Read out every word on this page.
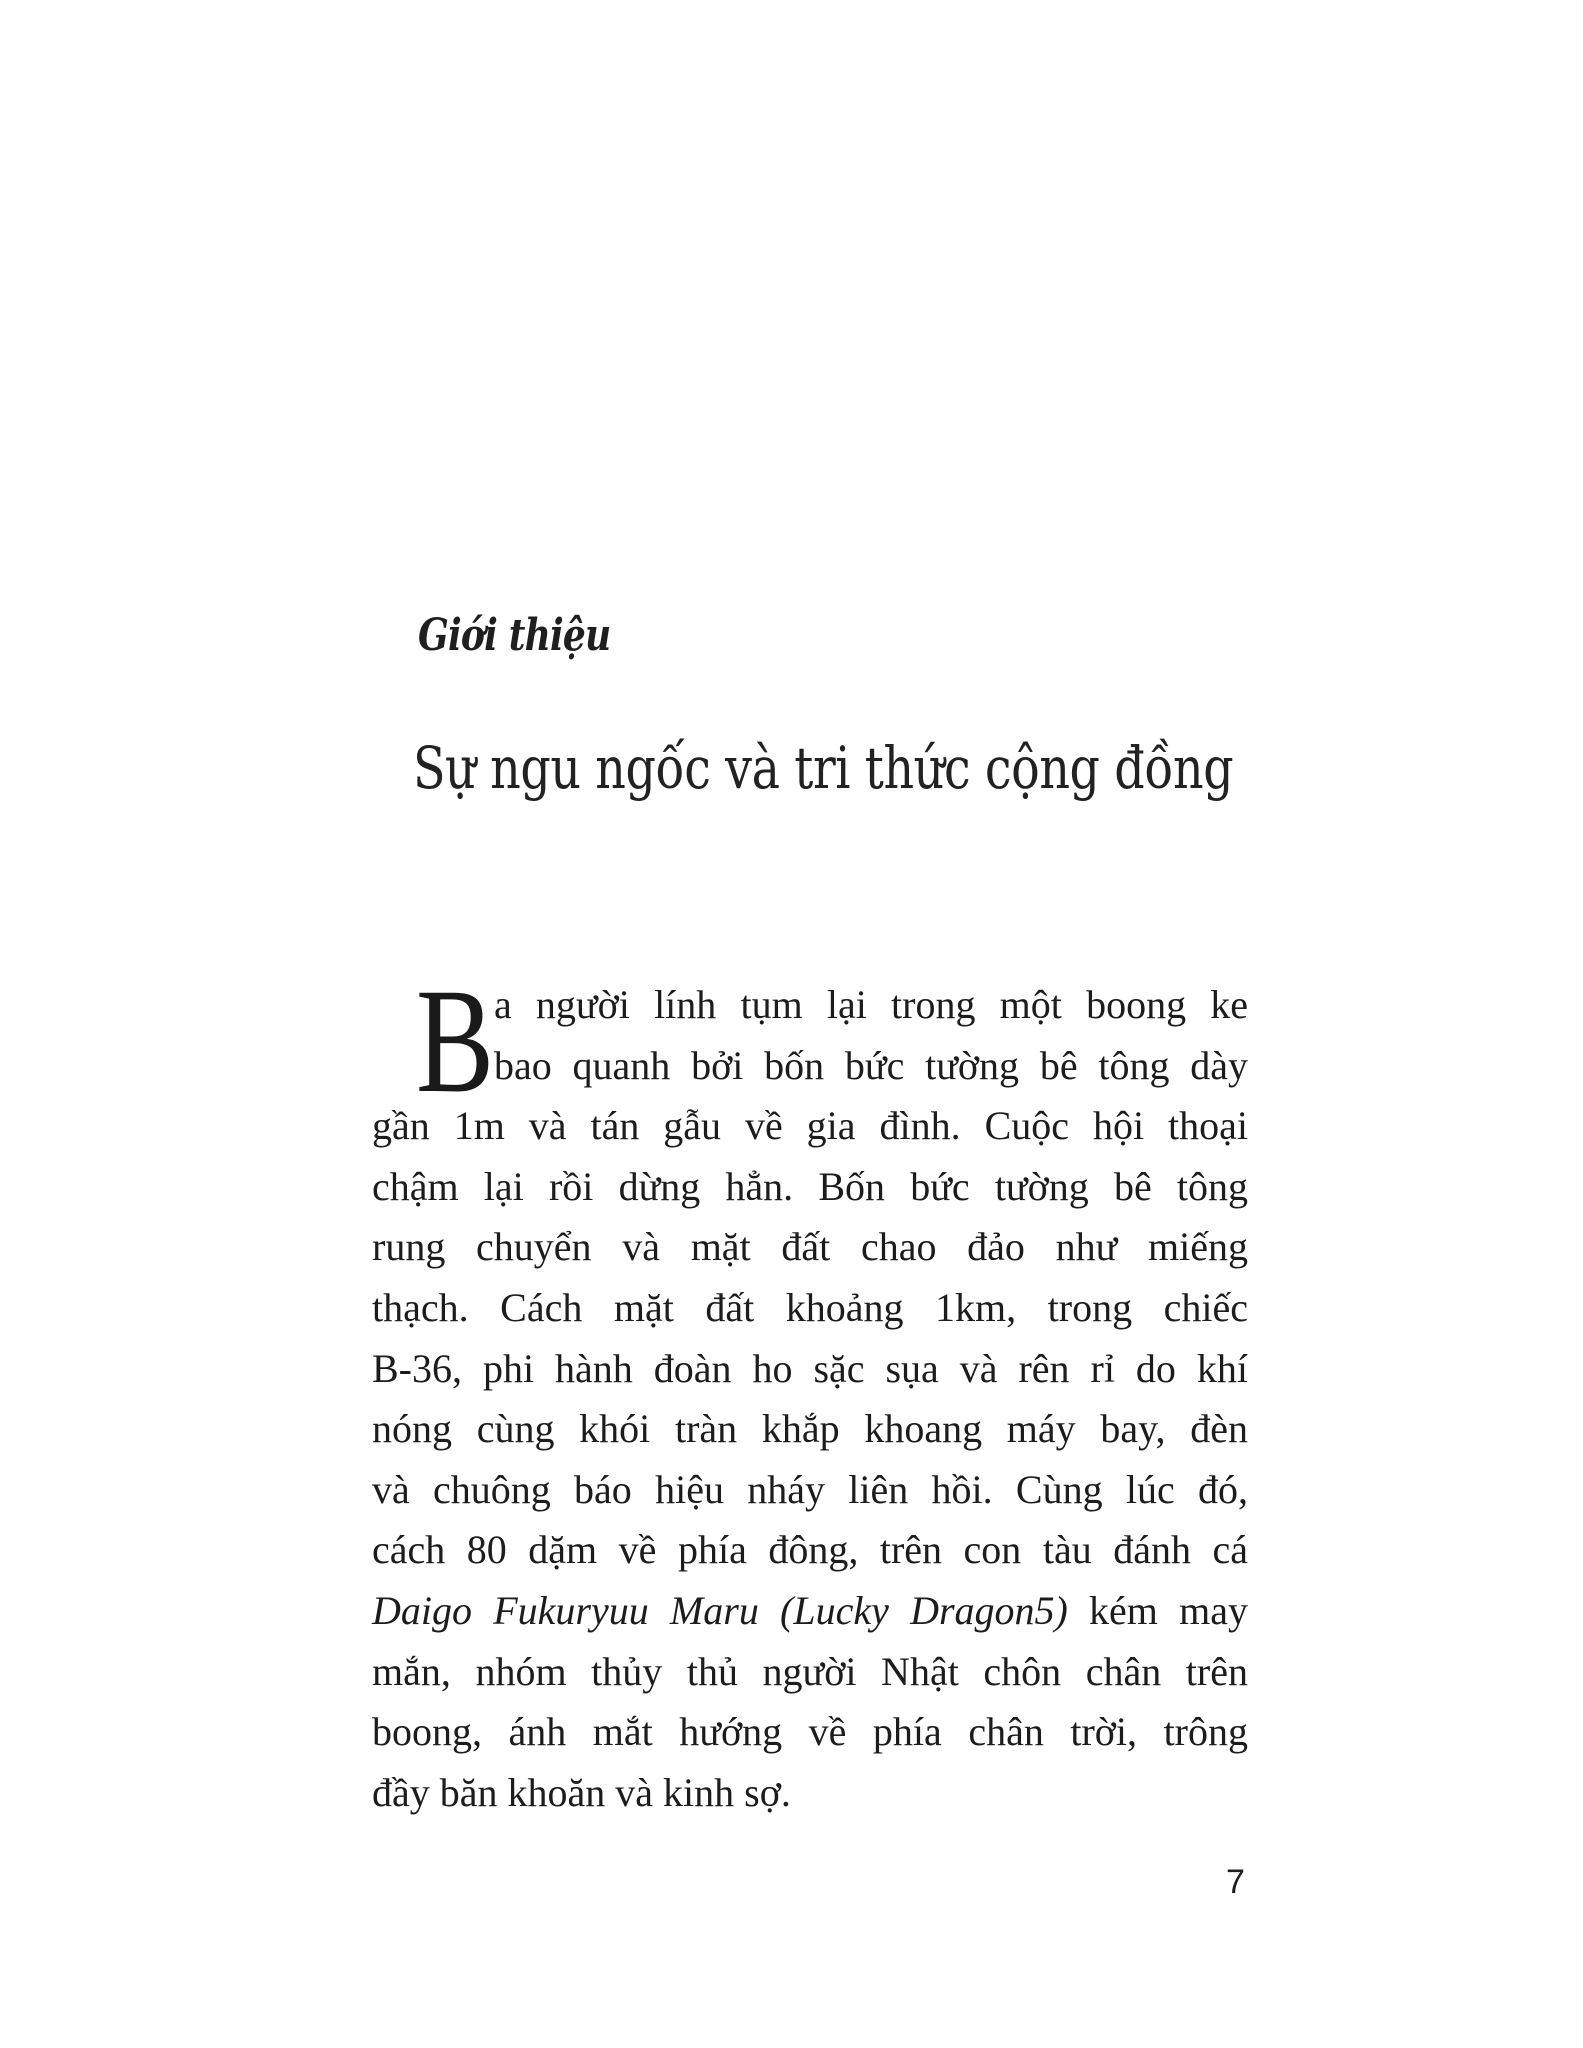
Giới thiệu
Sự ngu ngốc và tri thức cộng đồng
B a người lính tụm lại trong một boong ke
bao quanh bởi bốn bức tường bê tông dày
gần 1m và tán gẫu về gia đình. Cuộc hội thoại
chậm lại rồi dừng hẳn. Bốn bức tường bê tông
rung chuyển và mặt đất chao đảo như miếng
thạch. Cách mặt đất khoảng 1km, trong chiếc
B-36, phi hành đoàn ho sặc sụa và rên rỉ do khí
nóng cùng khói tràn khắp khoang máy bay, đèn
và chuông báo hiệu nháy liên hồi. Cùng lúc đó,
cách 80 dặm về phía đông, trên con tàu đánh cá
Daigo Fukuryuu Maru (Lucky Dragon5) kém may
mắn, nhóm thủy thủ người Nhật chôn chân trên
boong, ánh mắt hướng về phía chân trời, trông
đầy băn khoăn và kinh sợ.
7
